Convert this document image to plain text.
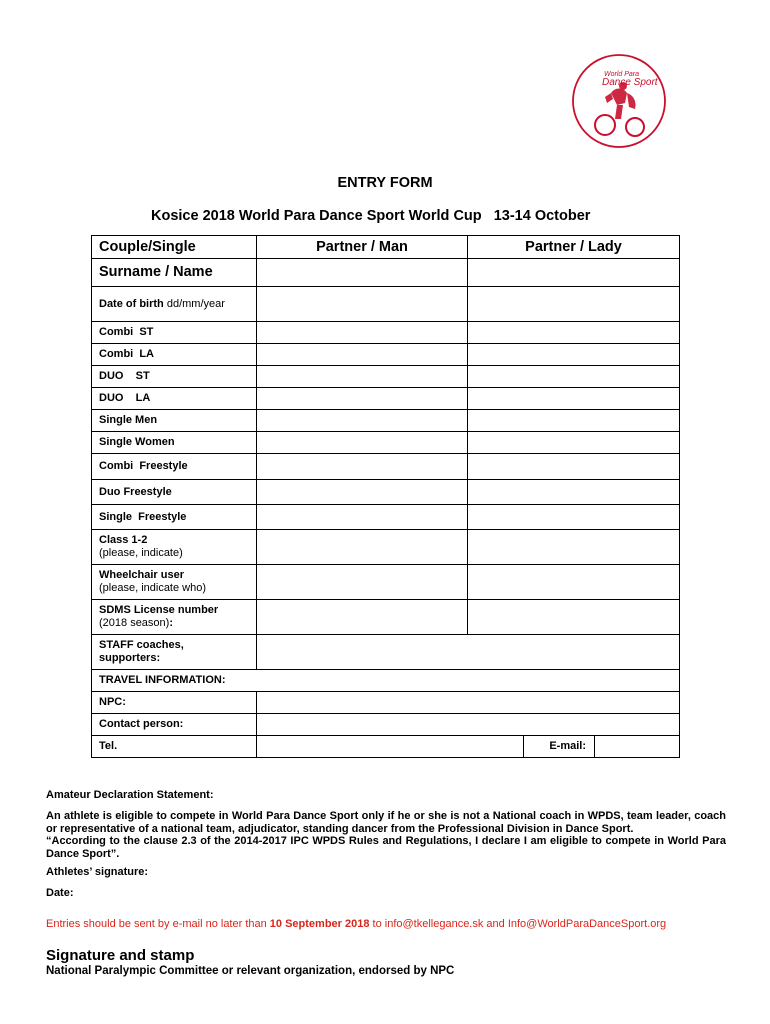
World Para
Dance Sport
ENTRY FORM
Kosice 2018 World Para Dance Sport World Cup   13-14 October
Couple/Single	Partner / Man	Partner / Lady	
Surname / Name			
Date of birth dd/mm/year			
Combi  ST			
Combi  LA			
DUO    ST			
DUO    LA			
Single Men			
Single Women			
Combi  Freestyle			
Duo Freestyle			
Single  Freestyle			

Class 1-2
(please, indicate)			

Wheelchair user
(please, indicate who)			

SDMS License number
(2018 season):			

STAFF coaches,
supporters:			

TRAVEL INFORMATION:			
NPC:			
Contact person:			
Tel.			E-mail:
Amateur Declaration Statement:
An athlete is eligible to compete in World Para Dance Sport only if he or she is not a National coach in WPDS, team leader, coach or representative of a national team, adjudicator, standing dancer from the Professional Division in Dance Sport.
“According to the clause 2.3 of the 2014-2017 IPC WPDS Rules and Regulations, I declare I am eligible to compete in World Para Dance Sport”.
Athletes’ signature:
Date:
Entries should be sent by e-mail no later than 10 September 2018 to info@tkellegance.sk and Info@WorldParaDanceSport.org
Signature and stamp
National Paralympic Committee or relevant organization, endorsed by NPC
